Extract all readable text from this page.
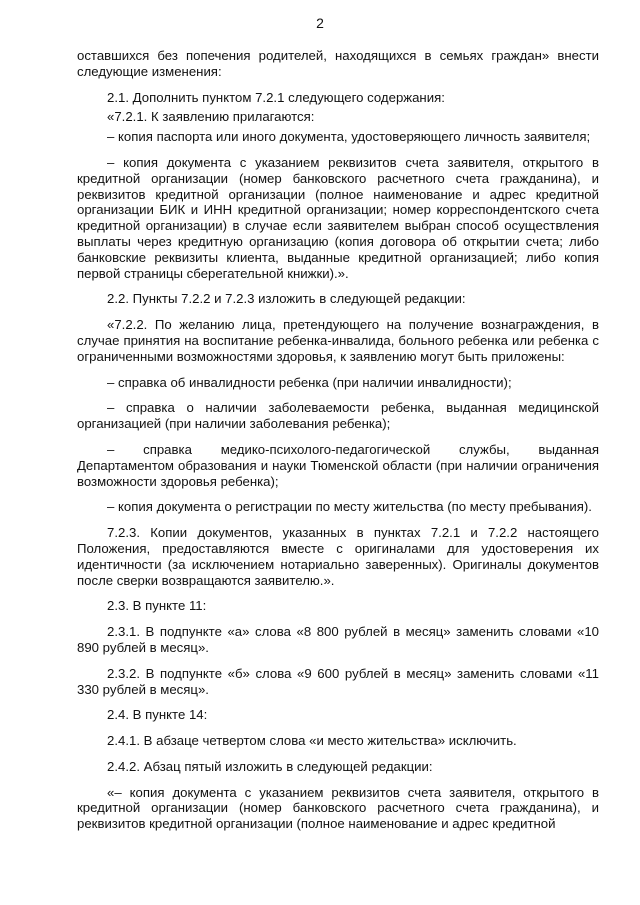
2

оставшихся без попечения родителей, находящихся в семьях граждан» внести следующие изменения:

2.1. Дополнить пунктом 7.2.1 следующего содержания:

«7.2.1. К заявлению прилагаются:

– копия паспорта или иного документа, удостоверяющего личность заявителя;

– копия документа с указанием реквизитов счета заявителя, открытого в кредитной организации (номер банковского расчетного счета гражданина), и реквизитов кредитной организации (полное наименование и адрес кредитной организации БИК и ИНН кредитной организации; номер корреспондентского счета кредитной организации) в случае если заявителем выбран способ осуществления выплаты через кредитную организацию (копия договора об открытии счета; либо банковские реквизиты клиента, выданные кредитной организацией; либо копия первой страницы сберегательной книжки).».

2.2. Пункты 7.2.2 и 7.2.3 изложить в следующей редакции:

«7.2.2. По желанию лица, претендующего на получение вознаграждения, в случае принятия на воспитание ребенка-инвалида, больного ребенка или ребенка с ограниченными возможностями здоровья, к заявлению могут быть приложены:

– справка об инвалидности ребенка (при наличии инвалидности);

– справка о наличии заболеваемости ребенка, выданная медицинской организацией (при наличии заболевания ребенка);

– справка медико-психолого-педагогической службы, выданная Департаментом образования и науки Тюменской области (при наличии ограничения возможности здоровья ребенка);

– копия документа о регистрации по месту жительства (по месту пребывания).

7.2.3. Копии документов, указанных в пунктах 7.2.1 и 7.2.2 настоящего Положения, предоставляются вместе с оригиналами для удостоверения их идентичности (за исключением нотариально заверенных). Оригиналы документов после сверки возвращаются заявителю.».

2.3. В пункте 11:

2.3.1. В подпункте «а» слова «8 800 рублей в месяц» заменить словами «10 890 рублей в месяц».

2.3.2. В подпункте «б» слова «9 600 рублей в месяц» заменить словами «11 330 рублей в месяц».

2.4. В пункте 14:

2.4.1. В абзаце четвертом слова «и место жительства» исключить.

2.4.2. Абзац пятый изложить в следующей редакции:

«– копия документа с указанием реквизитов счета заявителя, открытого в кредитной организации (номер банковского расчетного счета гражданина), и реквизитов кредитной организации (полное наименование и адрес кредитной
